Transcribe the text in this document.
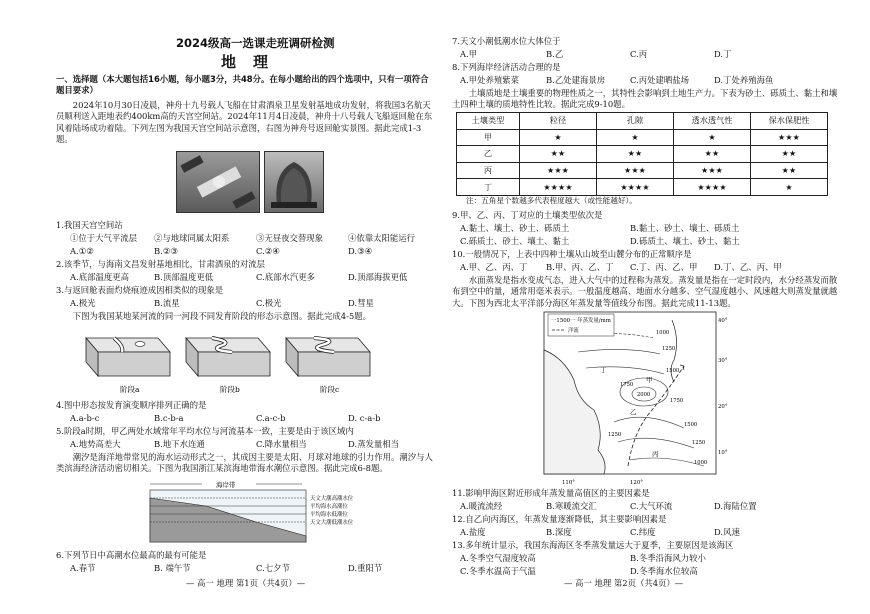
2024级高一选课走班调研检测
地　理
一、选择题（本大题包括16小题，每小题3分，共48分。在每小题给出的四个选项中，只有一项符合题目要求）
2024年10月30日凌晨，神舟十九号载人飞船在甘肃酒泉卫星发射基地成功发射，将我国3名航天员顺利送入距地表约400km高的天宫空间站。2024年11月4日凌晨，神舟十八号载人飞船返回舱在东风着陆场成功着陆。下列左图为我国天宫空间站示意图，右图为神舟号返回舱实景图。据此完成1-3题。
1.我国天宫空间站
①位于大气平流层 ②与地球同属太阳系	③无昼夜交替现象	④依靠太阳能运行
A.①②	B.②③	C.②④	D.③④
2.该季节，与海南文昌发射基地相比，甘肃酒泉的对流层
A.底部温度更高	B.顶部温度更低	C.底部水汽更多	D.顶部海拔更低
3.与返回舱表面灼烧痕迹成因相类似的现象是
A.极光	B.流星	C.极光	D.彗星
下图为我国某地某河流的同一河段不同发育阶段的形态示意图。据此完成4-5题。
阶段a	阶段b	阶段c
4.图中形态按发育演变顺序排列正确的是
A.a-b-c	B.c-b-a	C.a-c-b	D. c-a-b
5.阶段a时期，甲乙两处水域常年平均水位与河流基本一致，主要是由于该区域内
A.地势高差大	B.地下水连通	C.降水量相当	D.蒸发量相当
潮汐是海洋地带常见的海水运动形式之一，其成因主要是太阳、月球对地球的引力作用。潮汐与人类滨海经济活动密切相关。下图为我国浙江某滨海地带海水潮位示意图。据此完成6-8题。
海岸带
天文大潮高潮水位
平均海水高潮位
平均海水低潮位
天文大潮低潮水位
6.下列节日中高潮水位最高的最有可能是
A.春节	B. 端午节	C.七夕节	D.重阳节
— 高一 地理 第1页（共4页）—
7.天文小潮低潮水位大体位于
A.甲	B.乙	C.丙	D.丁
8.下列海岸经济活动合理的是
A.甲处养殖紫菜	B.乙处建海景房	C.丙处建晒盐场	D.丁处养殖海鱼
土壤质地是土壤重要的物理性质之一，其特性会影响到土地生产力。下表为砂土、砾质土、黏土和壤土四种土壤的质地特性比较。据此完成9-10题。
土壤类型	粒径	孔隙	透水透气性	保水保肥性
甲	★	★	★	★★★
乙	★★	★★	★★	★★
丙	★★★	★★★	★★★	★★
丁	★★★★	★★★★	★★★★	★
注：五角星个数越多代表程度越大（或性能越好）。
9.甲、乙、丙、丁对应的土壤类型依次是
A.黏土、壤土、砂土、砾质土	B.黏土、砂土、壤土、砾质土
C.砾质土、砂土、壤土、黏土	D.砾质土、壤土、砂土、黏土
10.一般情况下，上表中四种土壤从山坡至山麓分布的正常顺序是
A.甲、乙、丙、丁 B.甲、丙、乙、丁 C.丁、丙、乙、甲 D.丁、乙、丙、甲
水面蒸发是指水变成气态，进入大气中的过程称为蒸发。蒸发量是指在一定时段内，水分经蒸发而散布到空中的量，通常用毫米表示。一般温度越高、地面水分越多、空气湿度越小、风速越大则蒸发量就越大。下图为西北太平洋部分海区年蒸发量等值线分布图。据此完成11-13题。
一1500一 年蒸发量/mm
洋流	1000
1250
1500
1750
2000
1750
1500
1250
1250
1000
甲
乙
丙
丁
40°
30°
20°
10°
110°	120°
11.影响甲海区附近形成年蒸发量高值区的主要因素是
A.暖流流经	B.寒暖流交汇	C.大气环流	D.海陆位置
12.自乙向丙海区，年蒸发量逐渐降低，其主要影响因素是
A.盐度	B.深度	C.纬度	D.风速
13.多年统计显示，我国东海海区冬季蒸发量远大于夏季，主要原因是该海区
A.冬季空气湿度较高	B.冬季沿海风力较小
C.冬季水温高于气温	D.冬季海水位较高
— 高一 地理 第2页（共4页）—
